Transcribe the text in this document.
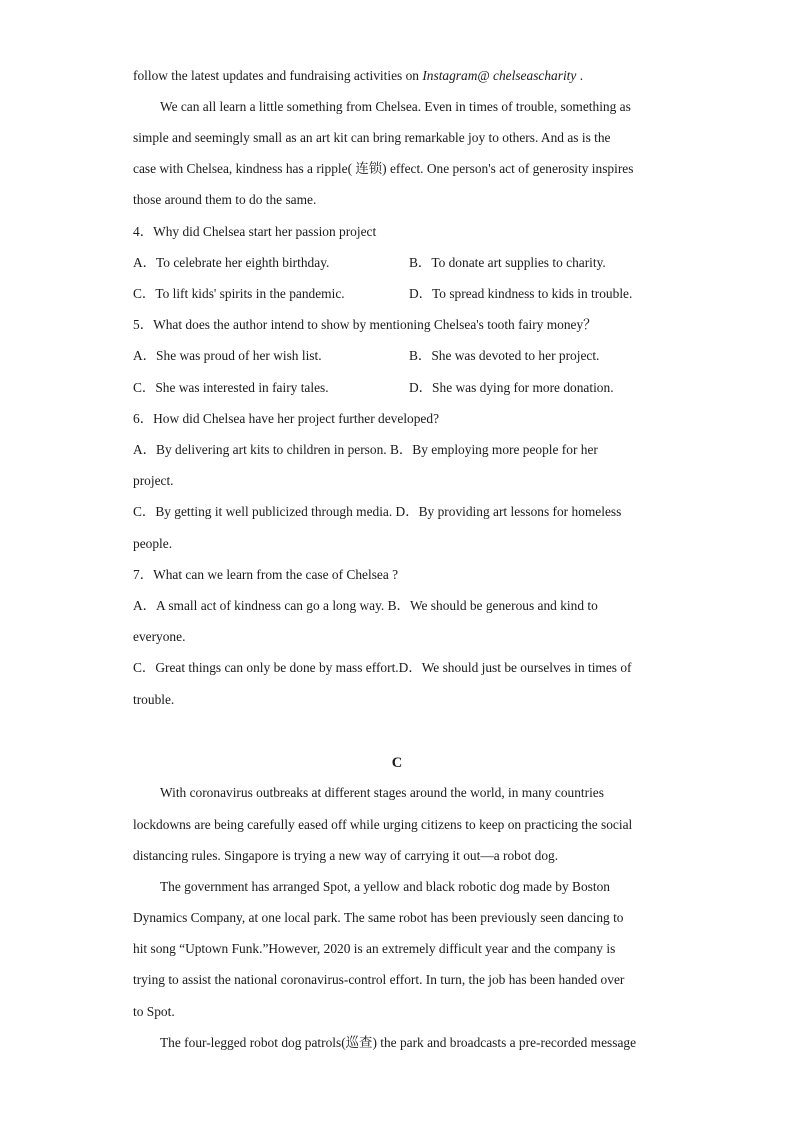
follow the latest updates and fundraising activities on Instagram@ chelseascharity .
We can all learn a little something from Chelsea. Even in times of trouble, something as
simple and seemingly small as an art kit can bring remarkable joy to others. And as is the
case with Chelsea, kindness has a ripple( 连锁) effect. One person's act of generosity inspires
those around them to do the same.
4．Why did Chelsea start her passion project
A．To celebrate her eighth birthday.	B．To donate art supplies to charity.
C．To lift kids' spirits in the pandemic.	D．To spread kindness to kids in trouble.
5．What does the author intend to show by mentioning Chelsea's tooth fairy money？
A．She was proud of her wish list.	B．She was devoted to her project.
C．She was interested in fairy tales.	D．She was dying for more donation.
6．How did Chelsea have her project further developed?
A．By delivering art kits to children in person. B．By employing more people for her
project.
C．By getting it well publicized through media. D．By providing art lessons for homeless
people.
7．What can we learn from the case of Chelsea ?
A．A small act of kindness can go a long way. B．We should be generous and kind to
everyone.
C．Great things can only be done by mass effort.D．We should just be ourselves in times of
trouble.
C
With coronavirus outbreaks at different stages around the world, in many countries
lockdowns are being carefully eased off while urging citizens to keep on practicing the social
distancing rules. Singapore is trying a new way of carrying it out—a robot dog.
The government has arranged Spot, a yellow and black robotic dog made by Boston
Dynamics Company, at one local park. The same robot has been previously seen dancing to
hit song “Uptown Funk.”However, 2020 is an extremely difficult year and the company is
trying to assist the national coronavirus-control effort. In turn, the job has been handed over
to Spot.
The four-legged robot dog patrols(巡查) the park and broadcasts a pre-recorded message
